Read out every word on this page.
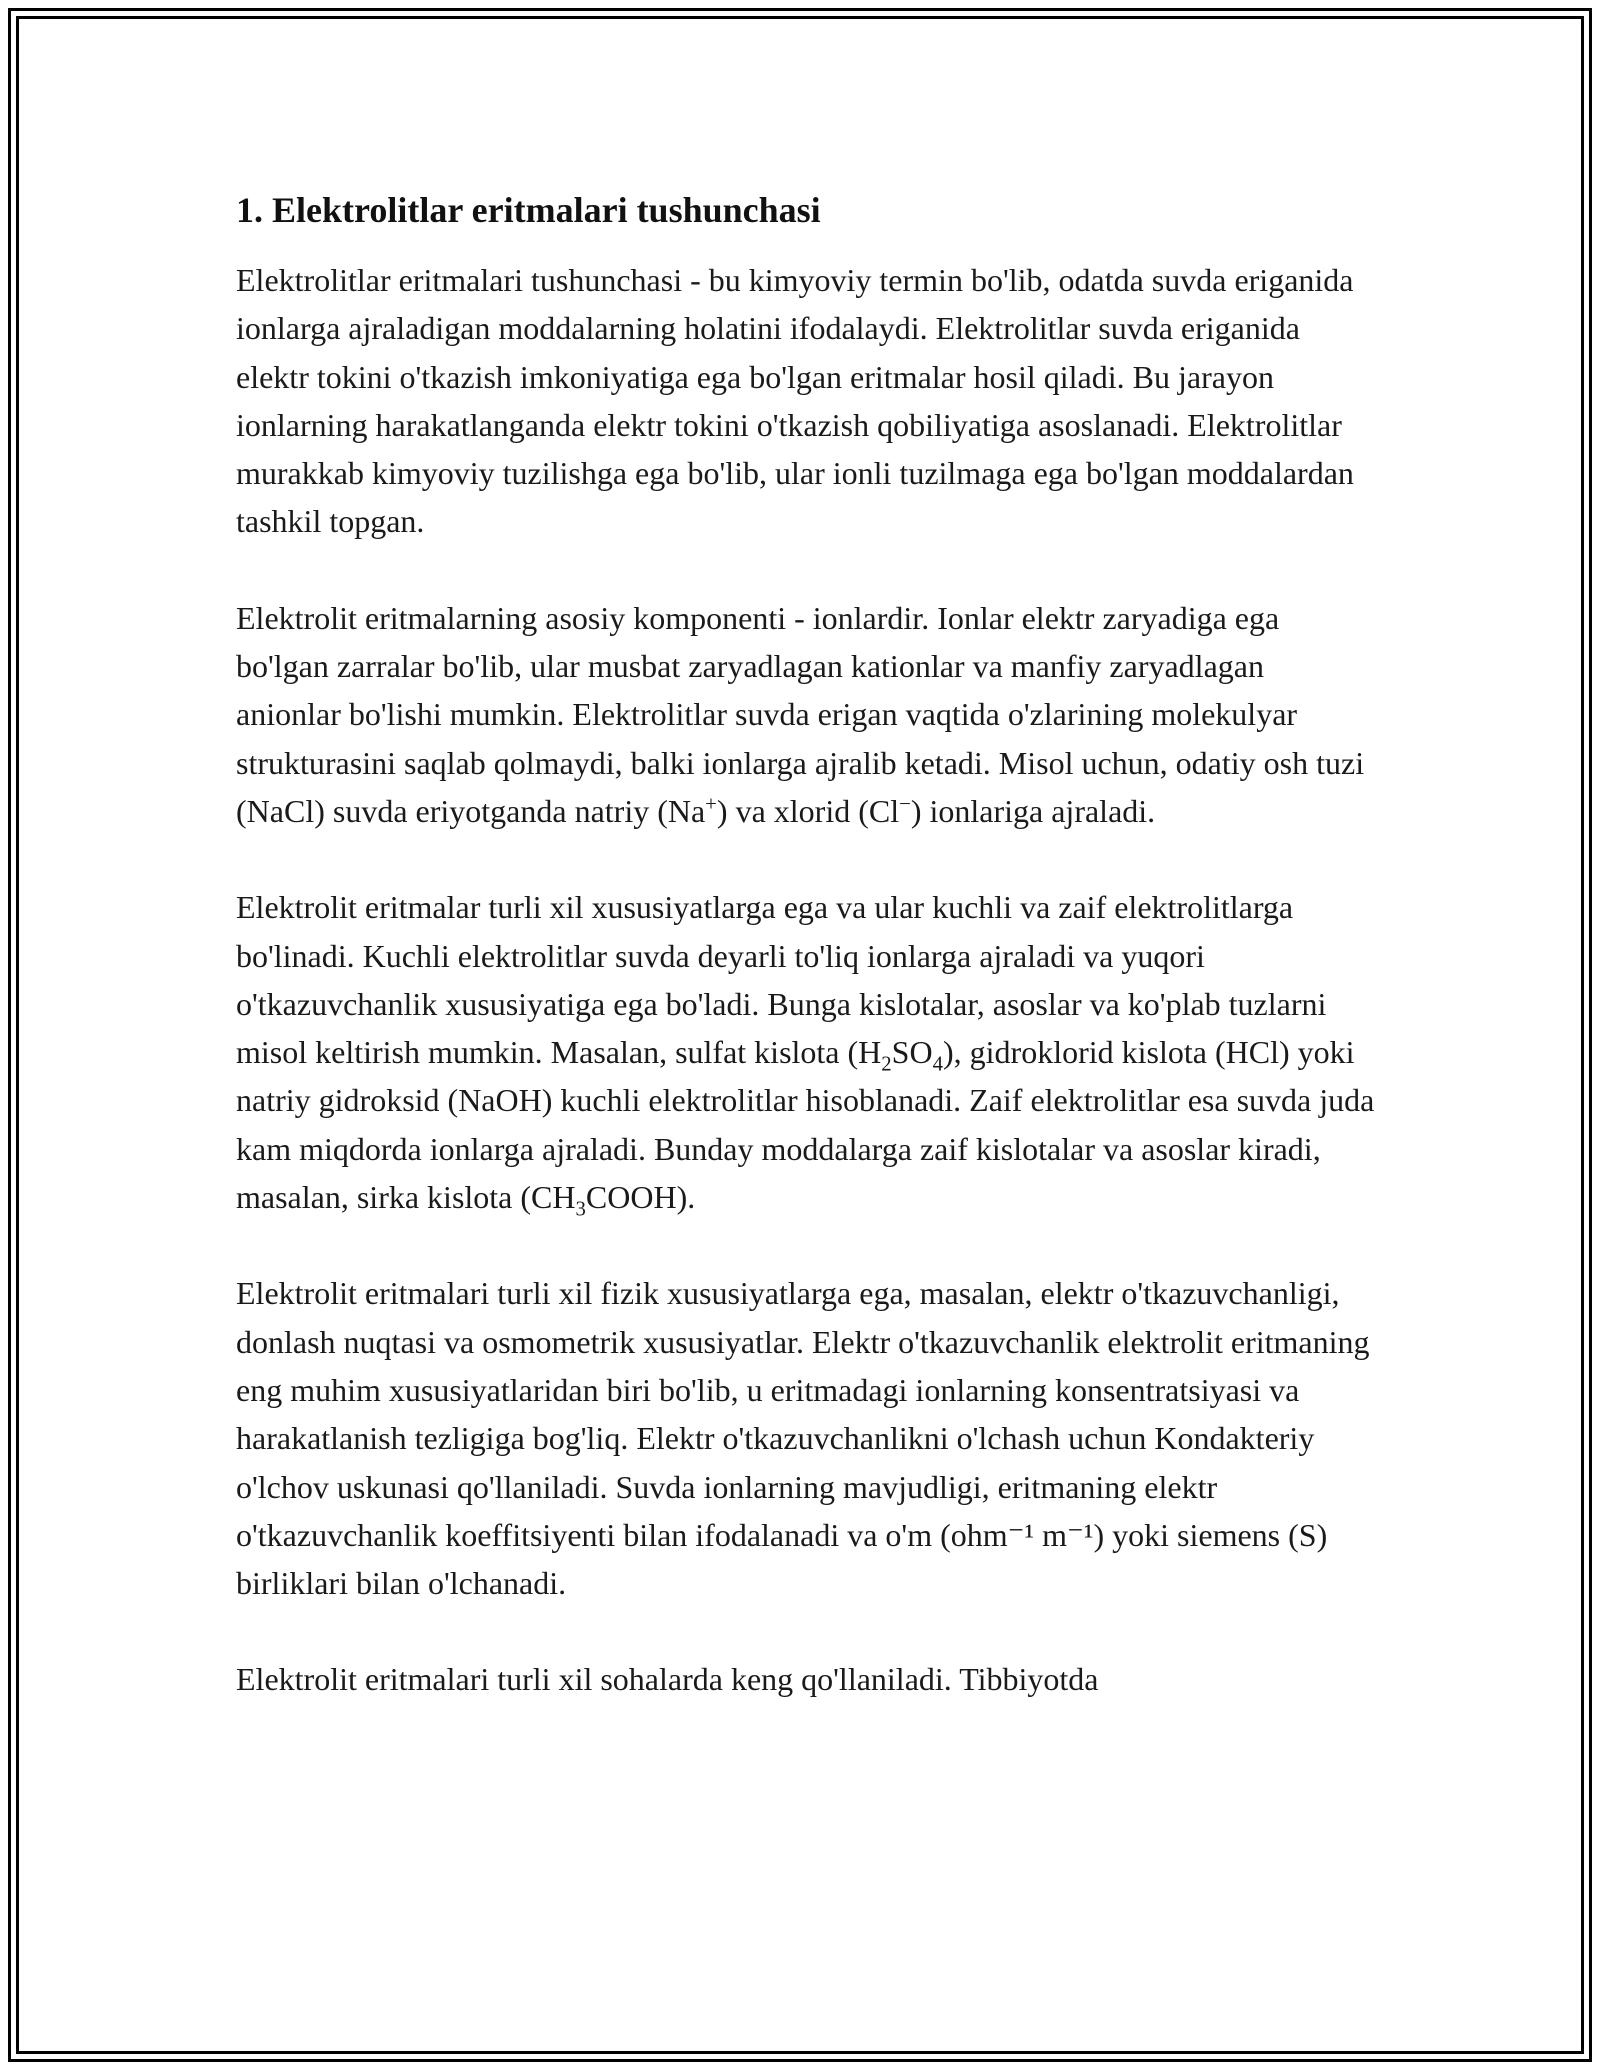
1. Elektrolitlar eritmalari tushunchasi

Elektrolitlar eritmalari tushunchasi - bu kimyoviy termin bo'lib, odatda suvda eriganida ionlarga ajraladigan moddalarning holatini ifodalaydi. Elektrolitlar suvda eriganida elektr tokini o'tkazish imkoniyatiga ega bo'lgan eritmalar hosil qiladi. Bu jarayon ionlarning harakatlanganda elektr tokini o'tkazish qobiliyatiga asoslanadi. Elektrolitlar murakkab kimyoviy tuzilishga ega bo'lib, ular ionli tuzilmaga ega bo'lgan moddalardan tashkil topgan.

Elektrolit eritmalarning asosiy komponenti - ionlardir. Ionlar elektr zaryadiga ega bo'lgan zarralar bo'lib, ular musbat zaryadlagan kationlar va manfiy zaryadlagan anionlar bo'lishi mumkin. Elektrolitlar suvda erigan vaqtida o'zlarining molekulyar strukturasini saqlab qolmaydi, balki ionlarga ajralib ketadi. Misol uchun, odatiy osh tuzi (NaCl) suvda eriyotganda natriy (Na+) va xlorid (Cl−) ionlariga ajraladi.

Elektrolit eritmalar turli xil xususiyatlarga ega va ular kuchli va zaif elektrolitlarga bo'linadi. Kuchli elektrolitlar suvda deyarli to'liq ionlarga ajraladi va yuqori o'tkazuvchanlik xususiyatiga ega bo'ladi. Bunga kislotalar, asoslar va ko'plab tuzlarni misol keltirish mumkin. Masalan, sulfat kislota $(H_2SO_4)$, gidroklorid kislota (HCl) yoki natriy gidroksid (NaOH) kuchli elektrolitlar hisoblanadi. Zaif elektrolitlar esa suvda juda kam miqdorda ionlarga ajraladi. Bunday moddalarga zaif kislotalar va asoslar kiradi, masalan, sirka kislota $(CH_3COOH)$.

Elektrolit eritmalari turli xil fizik xususiyatlarga ega, masalan, elektr o'tkazuvchanligi, donlash nuqtasi va osmometrik xususiyatlar. Elektr o'tkazuvchanlik elektrolit eritmaning eng muhim xususiyatlaridan biri bo'lib, u eritmadagi ionlarning konsentratsiyasi va harakatlanish tezligiga bog'liq. Elektr o'tkazuvchanlikni o'lchash uchun Kondakteriy o'lchov uskunasi qo'llaniladi. Suvda ionlarning mavjudligi, eritmaning elektr o'tkazuvchanlik koeffitsiyenti bilan ifodalanadi va o'm (ohm⁻¹ m⁻¹) yoki siemens (S) birliklari bilan o'lchanadi.

Elektrolit eritmalari turli xil sohalarda keng qo'llaniladi. Tibbiyotda
